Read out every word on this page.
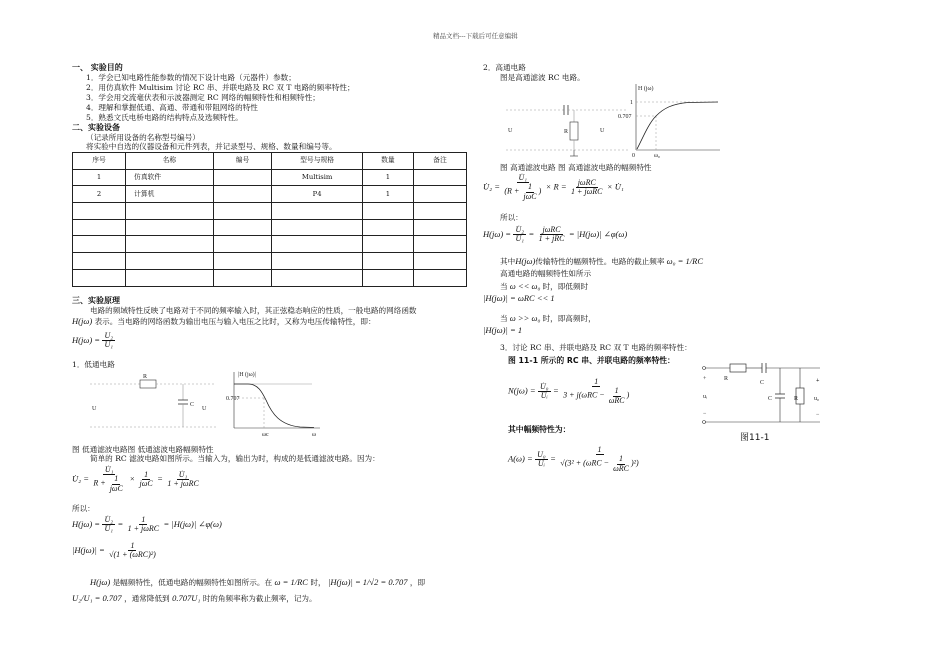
精品文档---下载后可任意编辑
一、 实验目的
1．学会已知电路性能参数的情况下设计电路（元器件）参数；
2．用仿真软件 Multisim 讨论 RC 串、并联电路及 RC 双 T 电路的频率特性；
3．学会用交流毫伏表和示波器测定 RC 网络的幅频特性和相频特性；
4．理解和掌握低通、高通、带通和带阻网络的特性
5．熟悉文氏电桥电路的结构特点及选频特性。
二、实验设备
（记录所用设备的名称型号编号）
将实验中自选的仪器设备和元件列表，并记录型号、规格、数量和编号等。
序号	名称	编号	型号与规格	数量	备注
1	仿真软件		Multisim	1	
2	计算机		P4	1	

三、实验原理
电路的频域特性反映了电路对于不同的频率输入时，其正弦稳态响应的性质，一般电路的网络函数
H(jω) 表示。当电路的网络函数为输出电压与输入电压之比时，又称为电压传输特性，即：
$H(j\omega) = \frac{\text{U₂}}{\text{U₁}}$
1．低通电路
R
C
U	U
|H (jω)|
0.707
ωc	ω
图 低通滤波电路图 低通滤波电路幅频特性
简单的 RC 滤波电路如图所示。当输入为，输出为时，构成的是低通滤波电路。因为：
U̇₂ = $\frac{\text{U̇₁}}{R + \frac{1}{\text{jωC}}} \times \frac{1}{\text{jωC}} = \frac{\text{U̇₁}}{\text{1 + jωRC}}$
所以：
$H(j\omega) = \frac{\text{U̇₂}}{\text{U̇₁}} = \frac{1}{\text{1 + jωRC}} = |H(j\omega)|$ ∠φ(ω)
$|H(j\omega)| = \frac{1}{\text{√(1 + (ωRC)²)}}$
H(jω) 是幅频特性，低通电路的幅频特性如图所示。在 ω = 1/RC 时， |H(jω)| = 1/√2 = 0.707 ，即
U₂/U₁ = 0.707 ，通常降低到 0.707U₁ 时的角频率称为截止频率，记为。
2．高通电路
图是高通滤波 RC 电路。
R
U	U
H (jω)
1
0.707
0	ω₀
图 高通滤波电路 图 高通滤波电路的幅频特性
U̇₂ = $\frac{\text{U̇₁}}{(R + \frac{1}{\text{jωC}} )} \times R = \frac{\text{jωRC}}{\text{1 + jωRC}}$ × U̇₁
所以：
$H(j\omega) = \frac{\text{U̇₂}}{\text{U̇₁}} = \frac{\text{jωRC}}{\text{1 + jRC}} = |H(j\omega)|$ ∠φ(ω)
其中H(jω)传输特性的幅频特性。电路的截止频率 ω₀ = 1/RC
高通电路的幅频特性如所示
当 ω << ω₀ 时，即低频时
|H(jω)| = ωRC << 1
当 ω >> ω₀ 时，即高频时，
|H(jω)| = 1
3．讨论 RC 串、并联电路及 RC 双 T 电路的频率特性：
图 11-1 所示的 RC 串、并联电路的频率特性：
$N(j\omega) = \frac{\text{U̇₀}}{\text{U̇ᵢ}} = \frac{1}{3 + j(\omega RC - \frac{1}{\text{ωRC}} )}$
其中幅频特性为：
$A(\omega) = \frac{\text{U₀}}{\text{Uᵢ}} = \frac{1}{√(3^2 + (\omega RC - \frac{1}{\text{ωRC}} )^2)}$
+	R
C
C	R
uᵢ
−
+
u₀
−
图11-1
